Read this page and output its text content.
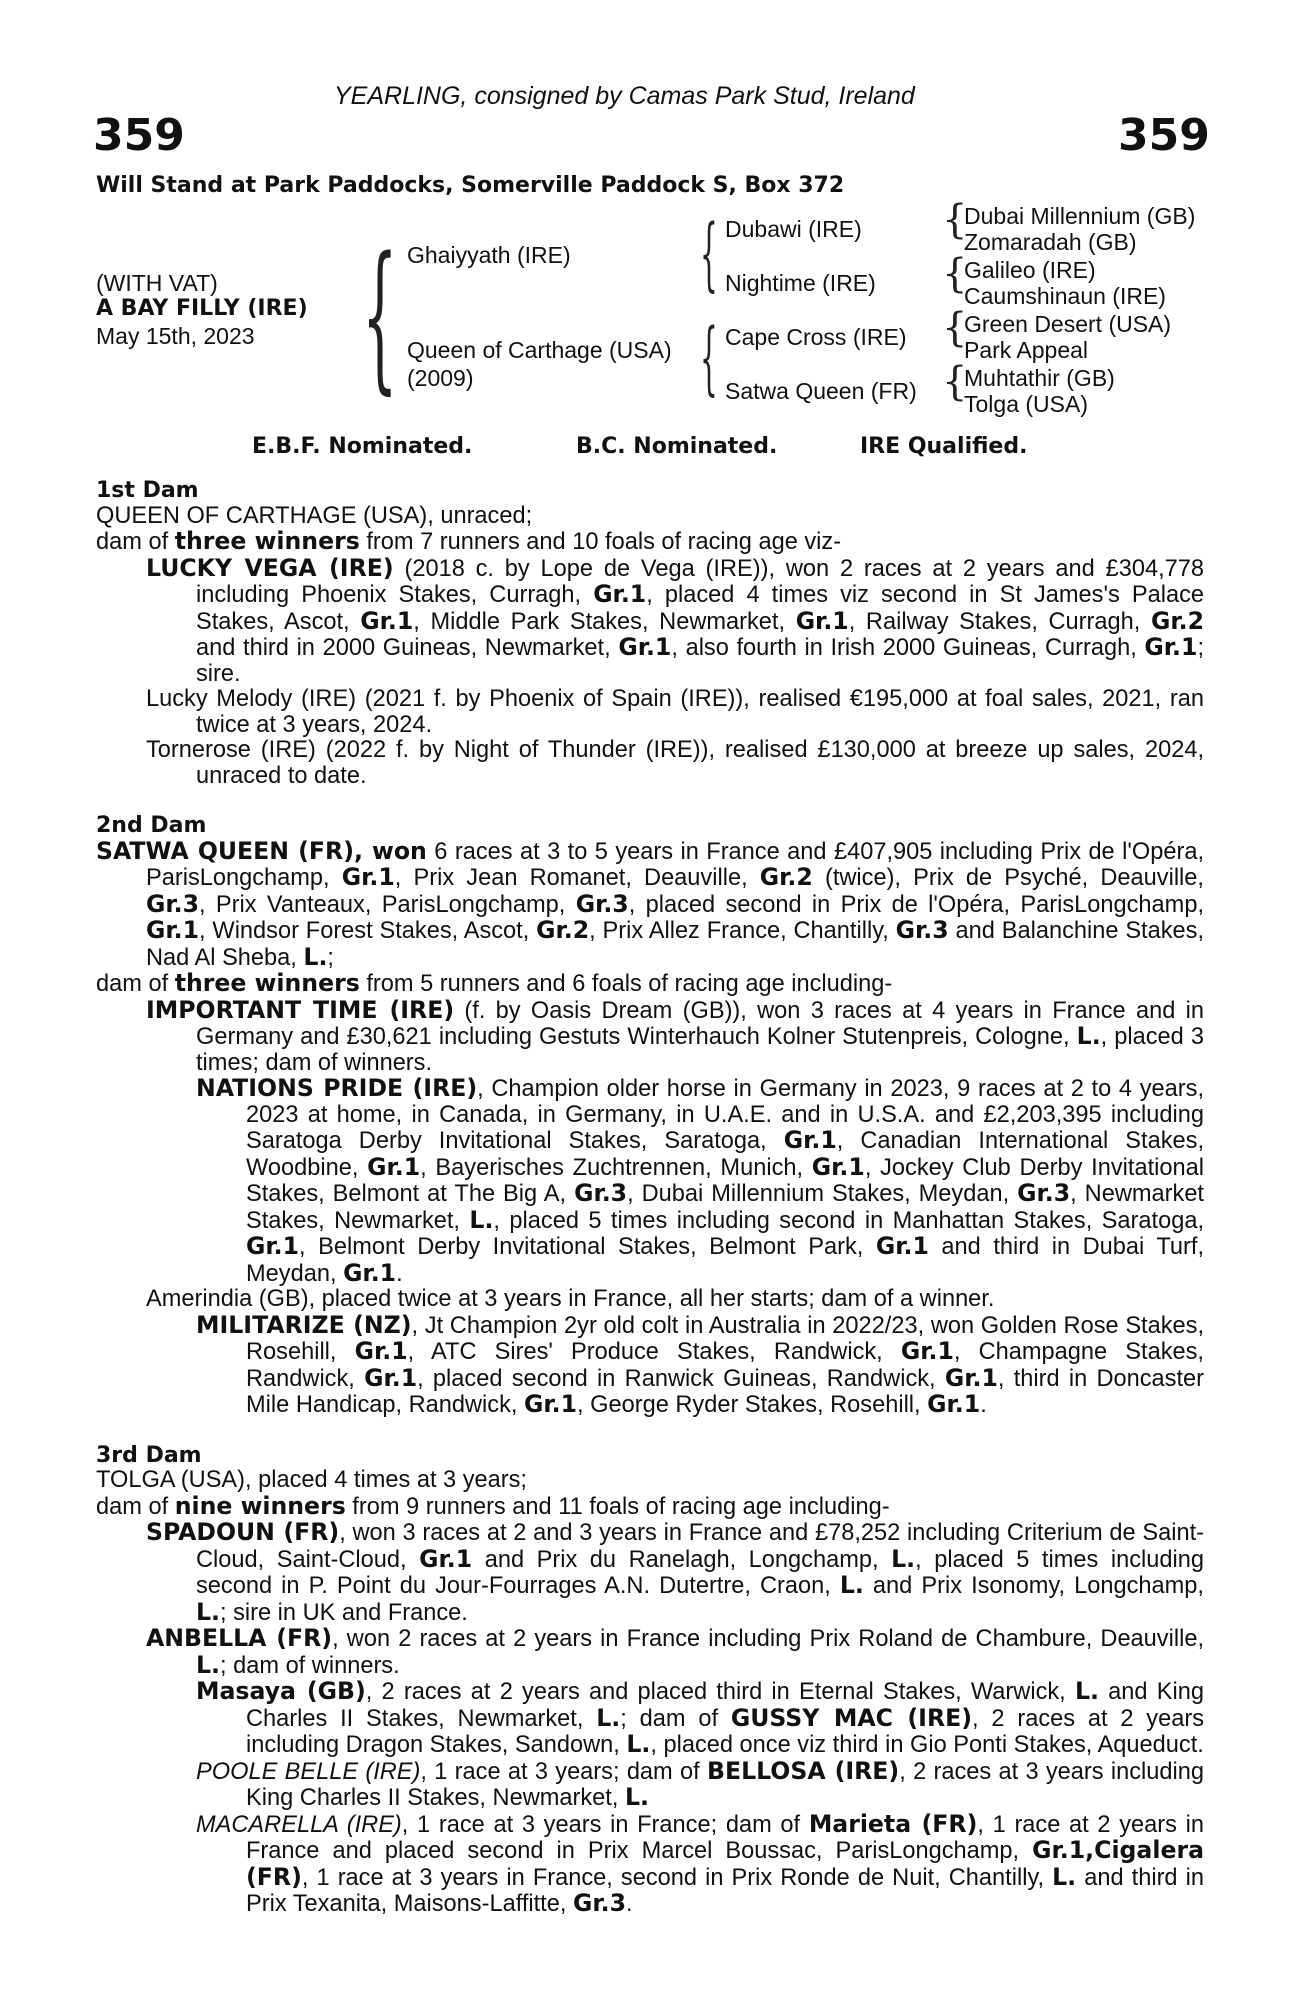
YEARLING, consigned by Camas Park Stud, Ireland
359	359
Will Stand at Park Paddocks, Somerville Paddock S, Box 372
(WITH VAT)
A BAY FILLY (IRE)
May 15th, 2023 {	{
{
{
{
{
{
Ghaiyyath (IRE)
Queen of Carthage (USA)
(2009)
Dubawi (IRE)
Nightime (IRE)
Cape Cross (IRE)
Satwa Queen (FR)
Dubai Millennium (GB)
Zomaradah (GB)
Galileo (IRE)
Caumshinaun (IRE)
Green Desert (USA)
Park Appeal
Muhtathir (GB)
Tolga (USA)
E.B.F. Nominated.	B.C. Nominated.	IRE Qualified.
1st Dam
QUEEN OF CARTHAGE (USA), unraced;
dam of three winners from 7 runners and 10 foals of racing age viz-
LUCKY VEGA (IRE) (2018 c. by Lope de Vega (IRE)), won 2 races at 2 years and £304,778 including Phoenix Stakes, Curragh, Gr.1, placed 4 times viz second in St James's Palace Stakes, Ascot, Gr.1, Middle Park Stakes, Newmarket, Gr.1, Railway Stakes, Curragh, Gr.2 and third in 2000 Guineas, Newmarket, Gr.1, also fourth in Irish 2000 Guineas, Curragh, Gr.1; sire.
Lucky Melody (IRE) (2021 f. by Phoenix of Spain (IRE)), realised €195,000 at foal sales, 2021, ran twice at 3 years, 2024.
Tornerose (IRE) (2022 f. by Night of Thunder (IRE)), realised £130,000 at breeze up sales, 2024, unraced to date.
2nd Dam
SATWA QUEEN (FR), won 6 races at 3 to 5 years in France and £407,905 including Prix de l'Opéra, ParisLongchamp, Gr.1, Prix Jean Romanet, Deauville, Gr.2 (twice), Prix de Psyché, Deauville, Gr.3, Prix Vanteaux, ParisLongchamp, Gr.3, placed second in Prix de l'Opéra, ParisLongchamp, Gr.1, Windsor Forest Stakes, Ascot, Gr.2, Prix Allez France, Chantilly, Gr.3 and Balanchine Stakes, Nad Al Sheba, L.;
dam of three winners from 5 runners and 6 foals of racing age including-
IMPORTANT TIME (IRE) (f. by Oasis Dream (GB)), won 3 races at 4 years in France and in Germany and £30,621 including Gestuts Winterhauch Kolner Stutenpreis, Cologne, L., placed 3 times; dam of winners.
NATIONS PRIDE (IRE), Champion older horse in Germany in 2023, 9 races at 2 to 4 years, 2023 at home, in Canada, in Germany, in U.A.E. and in U.S.A. and £2,203,395 including Saratoga Derby Invitational Stakes, Saratoga, Gr.1, Canadian International Stakes, Woodbine, Gr.1, Bayerisches Zuchtrennen, Munich, Gr.1, Jockey Club Derby Invitational Stakes, Belmont at The Big A, Gr.3, Dubai Millennium Stakes, Meydan, Gr.3, Newmarket Stakes, Newmarket, L., placed 5 times including second in Manhattan Stakes, Saratoga, Gr.1, Belmont Derby Invitational Stakes, Belmont Park, Gr.1 and third in Dubai Turf, Meydan, Gr.1.
Amerindia (GB), placed twice at 3 years in France, all her starts; dam of a winner.
MILITARIZE (NZ), Jt Champion 2yr old colt in Australia in 2022/23, won Golden Rose Stakes, Rosehill, Gr.1, ATC Sires' Produce Stakes, Randwick, Gr.1, Champagne Stakes, Randwick, Gr.1, placed second in Ranwick Guineas, Randwick, Gr.1, third in Doncaster Mile Handicap, Randwick, Gr.1, George Ryder Stakes, Rosehill, Gr.1.
3rd Dam
TOLGA (USA), placed 4 times at 3 years;
dam of nine winners from 9 runners and 11 foals of racing age including-
SPADOUN (FR), won 3 races at 2 and 3 years in France and £78,252 including Criterium de Saint-Cloud, Saint-Cloud, Gr.1 and Prix du Ranelagh, Longchamp, L., placed 5 times including second in P. Point du Jour-Fourrages A.N. Dutertre, Craon, L. and Prix Isonomy, Longchamp, L.; sire in UK and France.
ANBELLA (FR), won 2 races at 2 years in France including Prix Roland de Chambure, Deauville, L.; dam of winners.
Masaya (GB), 2 races at 2 years and placed third in Eternal Stakes, Warwick, L. and King Charles II Stakes, Newmarket, L.; dam of GUSSY MAC (IRE), 2 races at 2 years including Dragon Stakes, Sandown, L., placed once viz third in Gio Ponti Stakes, Aqueduct.
POOLE BELLE (IRE), 1 race at 3 years; dam of BELLOSA (IRE), 2 races at 3 years including King Charles II Stakes, Newmarket, L.
MACARELLA (IRE), 1 race at 3 years in France; dam of Marieta (FR), 1 race at 2 years in France and placed second in Prix Marcel Boussac, ParisLongchamp, Gr.1,Cigalera (FR), 1 race at 3 years in France, second in Prix Ronde de Nuit, Chantilly, L. and third in Prix Texanita, Maisons-Laffitte, Gr.3.
